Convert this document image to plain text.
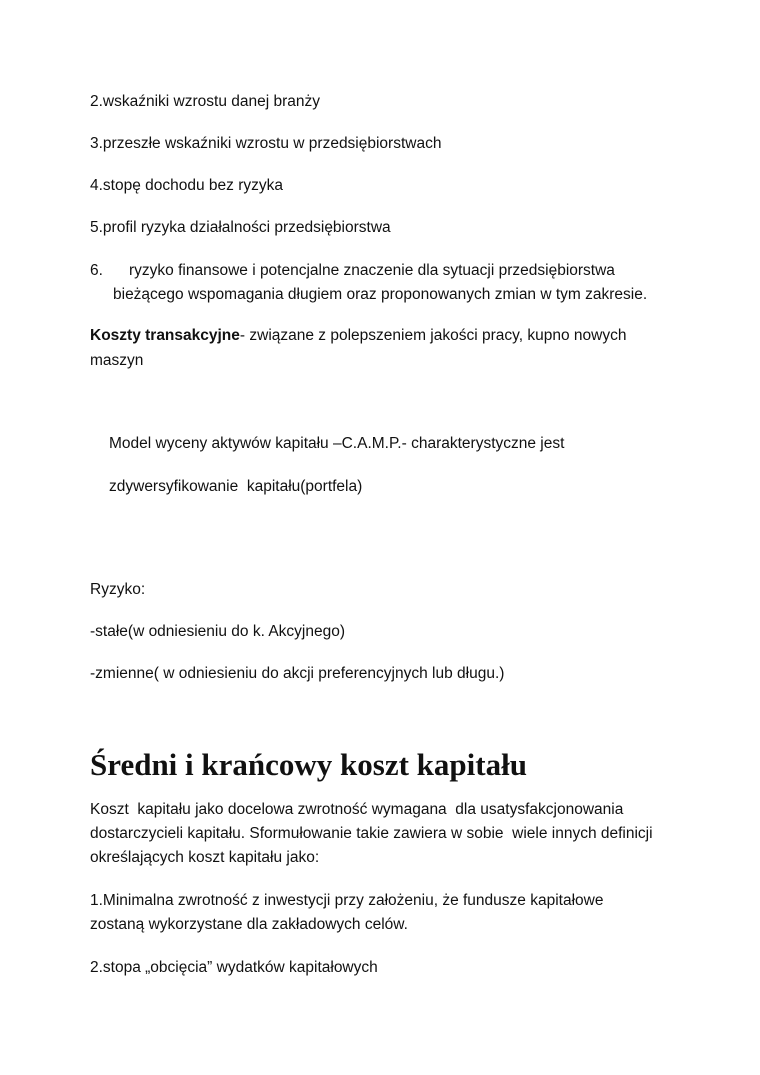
2.wskaźniki wzrostu danej branży

3.przeszłe wskaźniki wzrostu w przedsiębiorstwach

4.stopę dochodu bez ryzyka

5.profil ryzyka działalności przedsiębiorstwa

6. ryzyko finansowe i potencjalne znaczenie dla sytuacji przedsiębiorstwa
bieżącego wspomagania długiem oraz proponowanych zmian w tym zakresie.

Koszty transakcyjne- związane z polepszeniem jakości pracy, kupno nowych

maszyn

Model wyceny aktywów kapitału –C.A.M.P.- charakterystyczne jest

zdywersyfikowanie  kapitału(portfela)

Ryzyko:

-stałe(w odniesieniu do k. Akcyjnego)

-zmienne( w odniesieniu do akcji preferencyjnych lub długu.)

Średni i krańcowy koszt kapitału

Koszt  kapitału jako docelowa zwrotność wymagana  dla usatysfakcjonowania

dostarczycieli kapitału. Sformułowanie takie zawiera w sobie  wiele innych definicji

określających koszt kapitału jako:

1.Minimalna zwrotność z inwestycji przy założeniu, że fundusze kapitałowe

zostaną wykorzystane dla zakładowych celów.

2.stopa „obcięcia” wydatków kapitałowych
